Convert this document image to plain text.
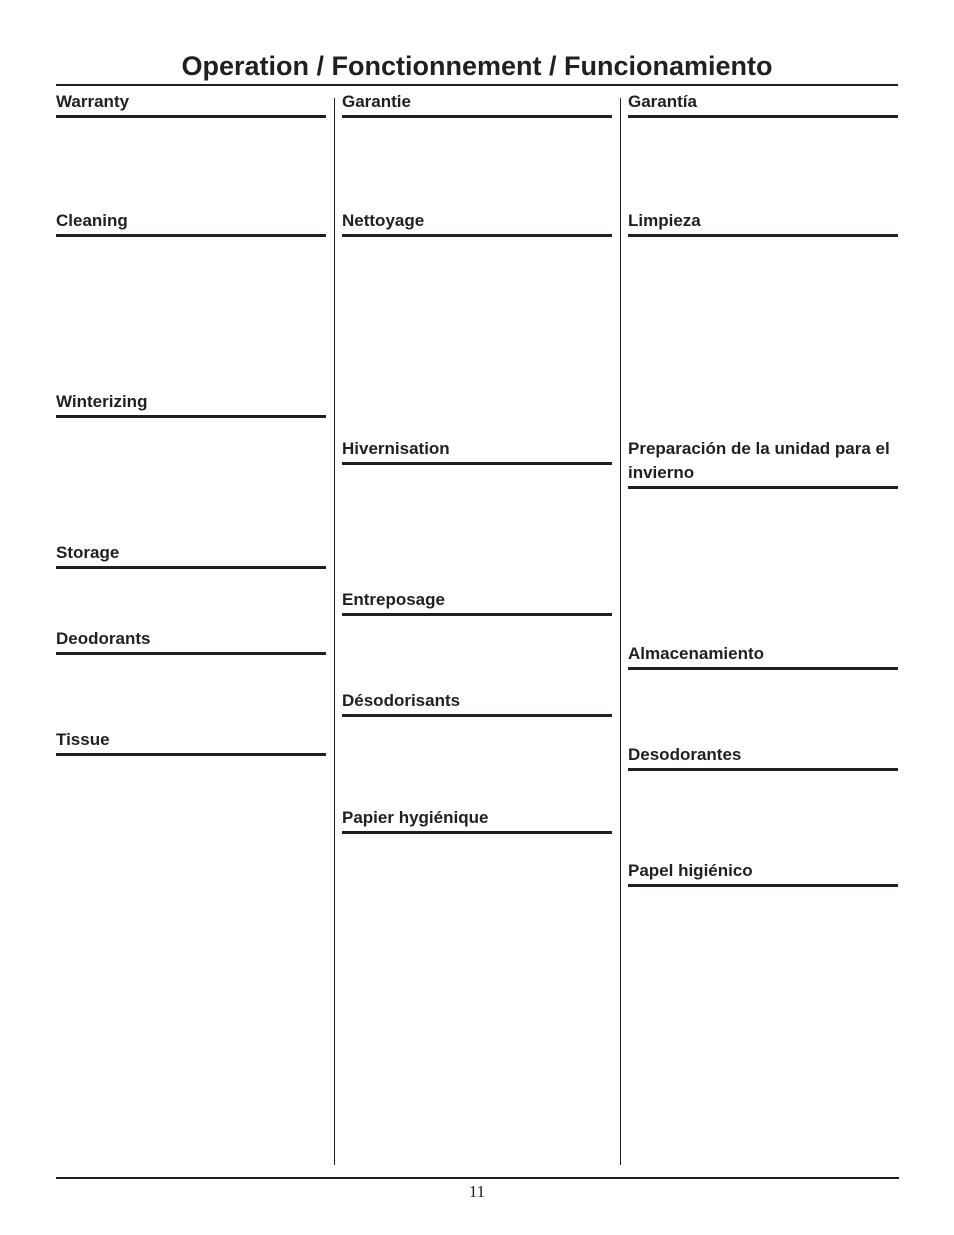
Operation / Fonctionnement / Funcionamiento
Warranty
Cleaning
Winterizing
Storage
Deodorants
Tissue
Garantie
Nettoyage
Hivernisation
Entreposage
Désodorisants
Papier hygiénique
Garantía
Limpieza
Preparación de la unidad para el invierno
Almacenamiento
Desodorantes
Papel higiénico
11
